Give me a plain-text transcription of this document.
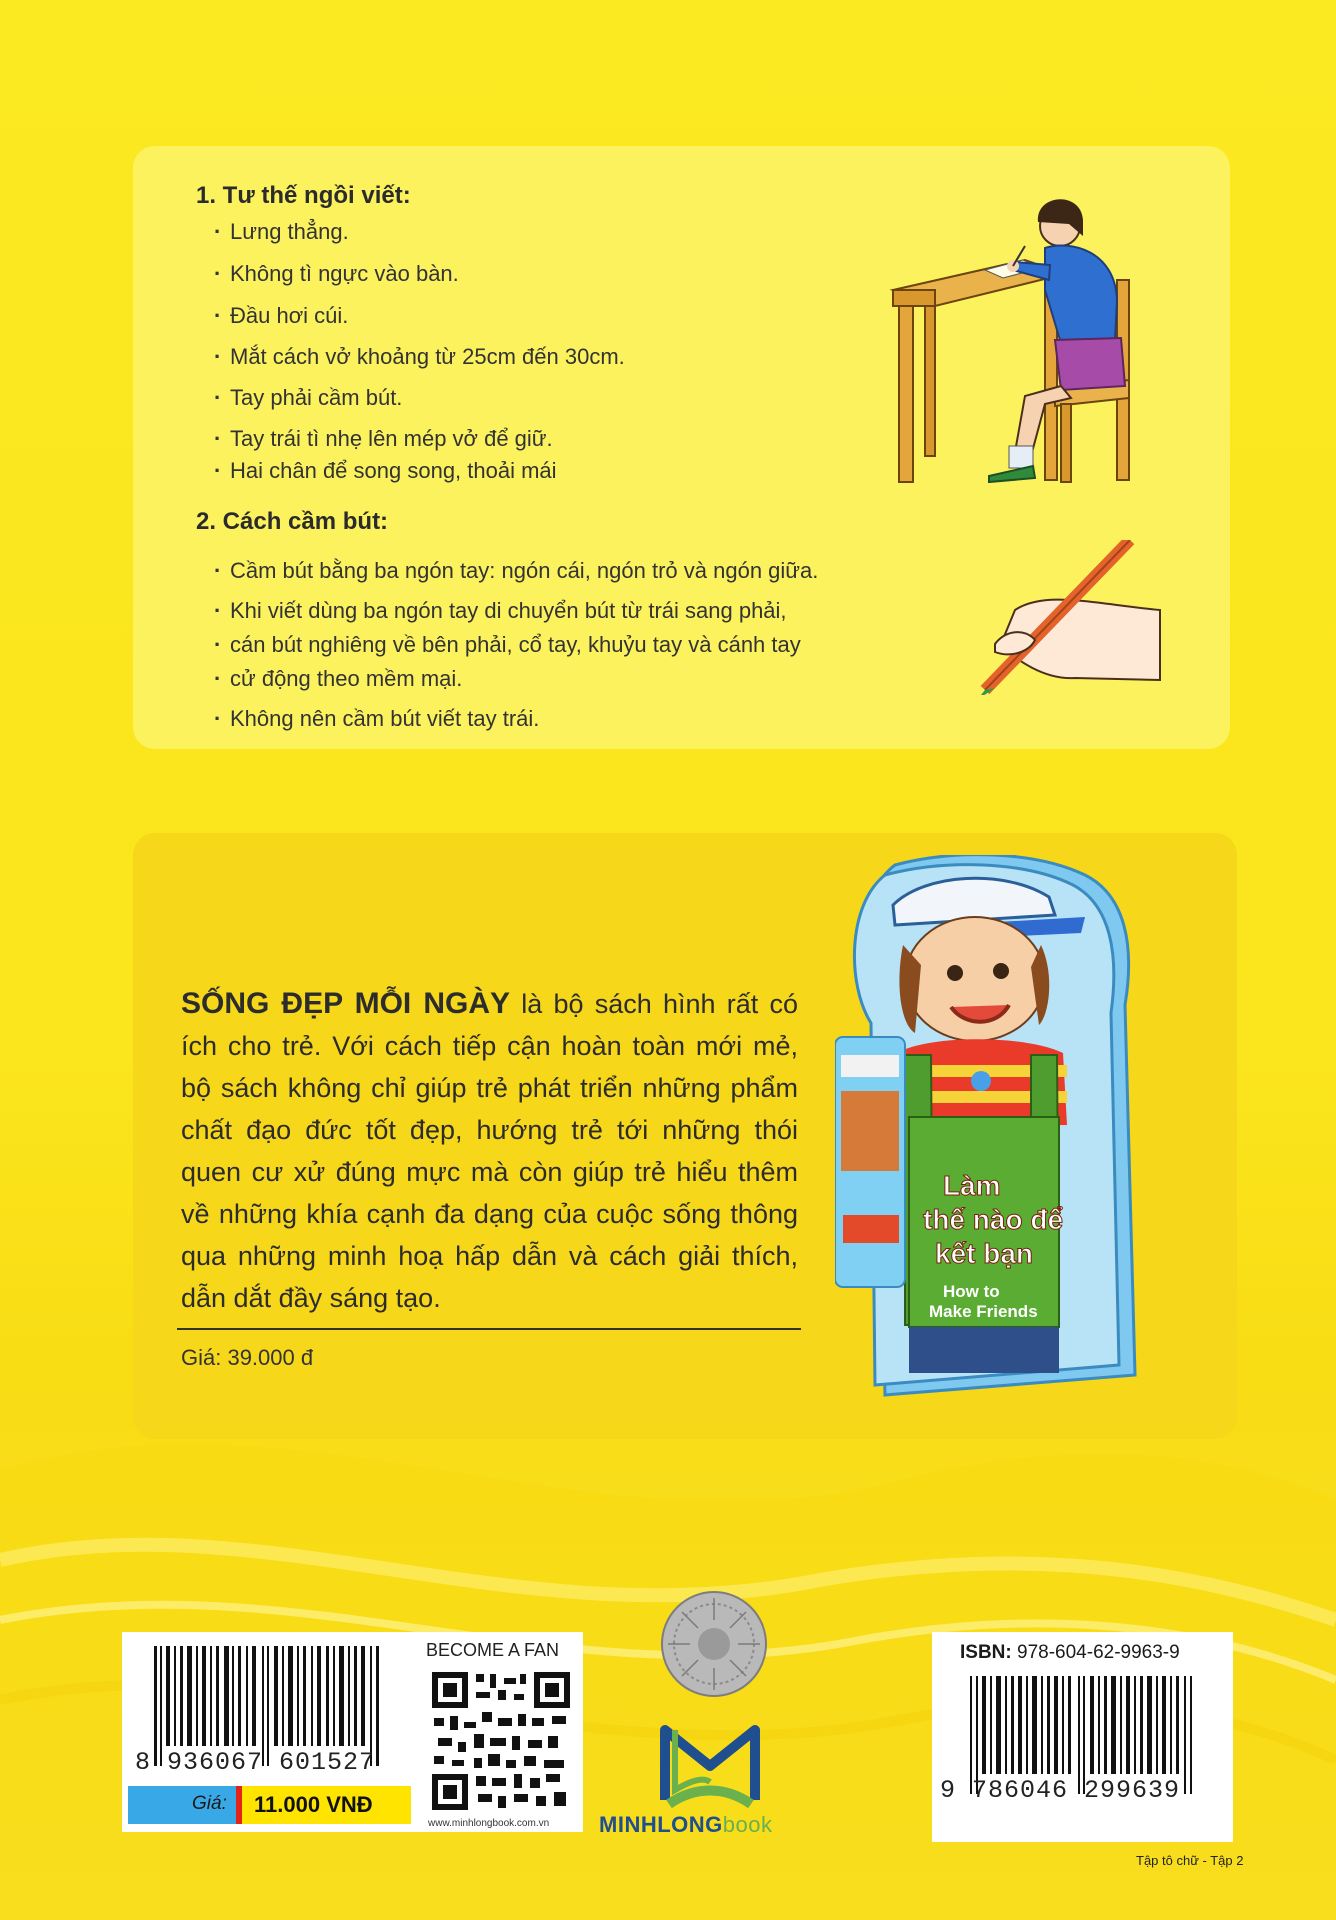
1. Tư thế ngồi viết:
· Lưng thẳng.
· Không tì ngực vào bàn.
· Đầu hơi cúi.
· Mắt cách vở khoảng từ 25cm đến 30cm.
· Tay phải cầm bút.
· Tay trái tì nhẹ lên mép vở để giữ.
· Hai chân để song song, thoải mái
2. Cách cầm bút:
· Cầm bút bằng ba ngón tay: ngón cái, ngón trỏ và ngón giữa.
· Khi viết dùng ba ngón tay di chuyển bút từ trái sang phải,
· cán bút nghiêng về bên phải, cổ tay, khuỷu tay và cánh tay
· cử động theo mềm mại.
· Không nên cầm bút viết tay trái.
SỐNG ĐẸP MỖI NGÀY là bộ sách hình rất có ích cho trẻ. Với cách tiếp cận hoàn toàn mới mẻ, bộ sách không chỉ giúp trẻ phát triển những phẩm chất đạo đức tốt đẹp, hướng trẻ tới những thói quen cư xử đúng mực mà còn giúp trẻ hiểu thêm về những khía cạnh đa dạng của cuộc sống thông qua những minh hoạ hấp dẫn và cách giải thích, dẫn dắt đầy sáng tạo.
Giá: 39.000 đ
Làm
thế nào để
kết bạn
How to
Make Friends
8 936067 601527
Giá: 11.000 VNĐ
BECOME A FAN
www.minhlongbook.com.vn MINHLONGbook
ISBN: 978-604-62-9963-9
9 786046 299639
Tập tô chữ - Tập 2
